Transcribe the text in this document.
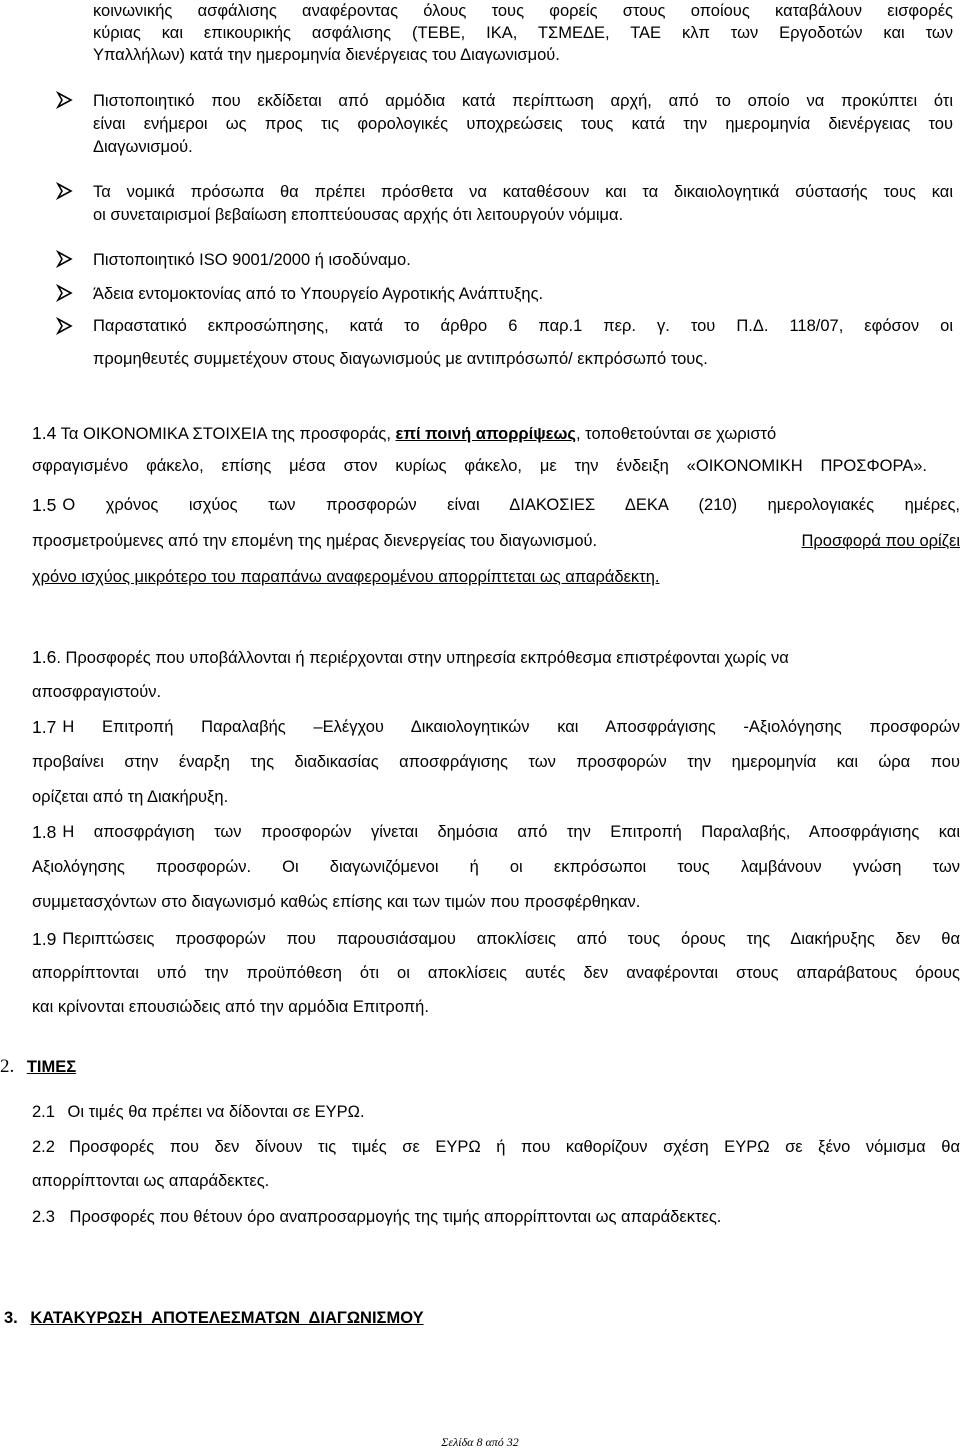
κοινωνικής ασφάλισης αναφέροντας όλους τους φορείς στους οποίους καταβάλουν εισφορές
κύριας και επικουρικής ασφάλισης (ΤΕΒΕ, ΙΚΑ, ΤΣΜΕΔΕ, ΤΑΕ κλπ των Εργοδοτών και των
Υπαλλήλων) κατά την ημερομηνία διενέργειας του Διαγωνισμού.
Πιστοποιητικό που εκδίδεται από αρμόδια κατά περίπτωση αρχή, από το οποίο να προκύπτει ότι
είναι ενήμεροι ως προς τις φορολογικές υποχρεώσεις τους κατά την ημερομηνία διενέργειας του
Διαγωνισμού.
Τα νομικά πρόσωπα θα πρέπει πρόσθετα να καταθέσουν και τα δικαιολογητικά σύστασής τους και
οι συνεταιρισμοί βεβαίωση εποπτεύουσας αρχής ότι λειτουργούν νόμιμα.
Πιστοποιητικό ISO 9001/2000 ή ισοδύναμο.
Άδεια εντομοκτονίας από το Υπουργείο Αγροτικής Ανάπτυξης.
Παραστατικό εκπροσώπησης, κατά το άρθρο 6 παρ.1 περ. γ. του Π.Δ. 118/07, εφόσον οι
προμηθευτές συμμετέχουν στους διαγωνισμούς με αντιπρόσωπό/ εκπρόσωπό τους.
1.4 Τα ΟΙΚΟΝΟΜΙΚΑ ΣΤΟΙΧΕΙΑ της προσφοράς, επί ποινή απορρίψεως, τοποθετούνται σε χωριστό
σφραγισμένο φάκελο, επίσης μέσα στον κυρίως φάκελο, με την ένδειξη «ΟΙΚΟΝΟΜΙΚΗ ΠΡΟΣΦΟΡΑ».
1.5 Ο χρόνος ισχύος των προσφορών είναι ΔΙΑΚΟΣΙΕΣ ΔΕΚΑ (210) ημερολογιακές ημέρες,
προσμετρούμενες από την επομένη της ημέρας διενεργείας του διαγωνισμού.	Προσφορά που ορίζει
χρόνο ισχύος μικρότερο του παραπάνω αναφερομένου απορρίπτεται ως απαράδεκτη.
1.6. Προσφορές που υποβάλλονται ή περιέρχονται στην υπηρεσία εκπρόθεσμα επιστρέφονται χωρίς να
αποσφραγιστούν.
1.7 Η Επιτροπή Παραλαβής –Ελέγχου Δικαιολογητικών και Αποσφράγισης -Αξιολόγησης προσφορών
προβαίνει στην έναρξη της διαδικασίας αποσφράγισης των προσφορών την ημερομηνία και ώρα που
ορίζεται από τη Διακήρυξη.
1.8 Η αποσφράγιση των προσφορών γίνεται δημόσια από την Επιτροπή Παραλαβής, Αποσφράγισης και
Αξιολόγησης προσφορών. Οι διαγωνιζόμενοι ή οι εκπρόσωποι τους λαμβάνουν γνώση των
συμμετασχόντων στο διαγωνισμό καθώς επίσης και των τιμών που προσφέρθηκαν.
1.9 Περιπτώσεις προσφορών που παρουσιάσαμου αποκλίσεις από τους όρους της Διακήρυξης δεν θα
απορρίπτονται υπό την προϋπόθεση ότι οι αποκλίσεις αυτές δεν αναφέρονται στους απαράβατους όρους
και κρίνονται επουσιώδεις από την αρμόδια Επιτροπή.
2. ΤΙΜΕΣ
2.1 Οι τιμές θα πρέπει να δίδονται σε ΕΥΡΩ.
2.2 Προσφορές που δεν δίνουν τις τιμές σε ΕΥΡΩ ή που καθορίζουν σχέση ΕΥΡΩ σε ξένο νόμισμα θα
απορρίπτονται ως απαράδεκτες.
2.3 Προσφορές που θέτουν όρο αναπροσαρμογής της τιμής απορρίπτονται ως απαράδεκτες.
3. ΚΑΤΑΚΥΡΩΣΗ  ΑΠΟΤΕΛΕΣΜΑΤΩΝ  ΔΙΑΓΩΝΙΣΜΟΥ
Σελίδα 8 από 32
